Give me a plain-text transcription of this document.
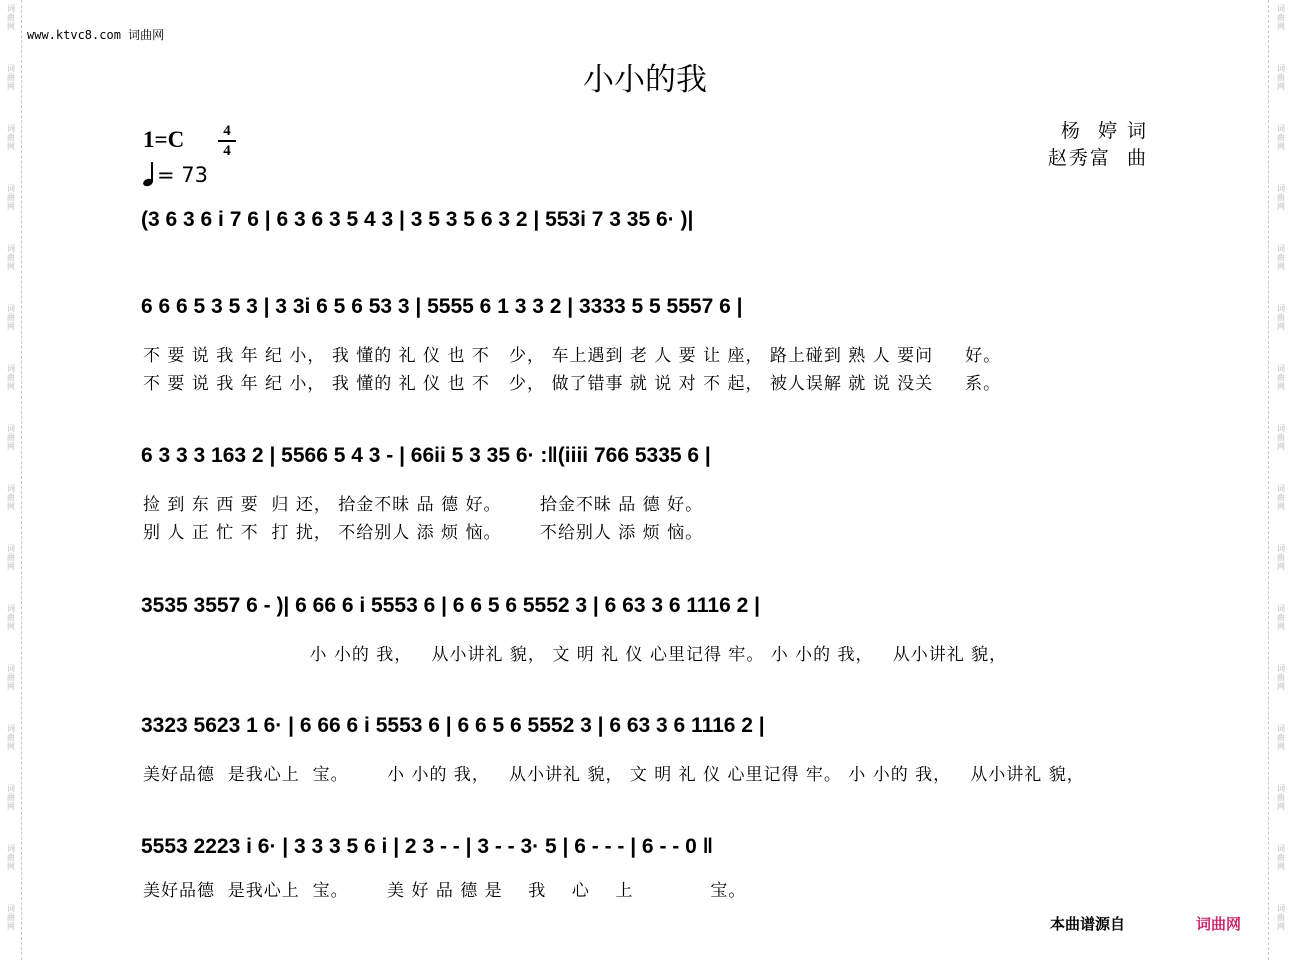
词
曲
网
词
曲
网
词
曲
网
词
曲
网
词
曲
网
词
曲
网
词
曲
网
词
曲
网
词
曲
网
词
曲
网
词
曲
网
词
曲
网
词
曲
网
词
曲
网
词
曲
网
词
曲
网
词
曲
网
词
曲
网
词
曲
网
词
曲
网
词
曲
网
词
曲
网
词
曲
网
词
曲
网
词
曲
网
词
曲
网
词
曲
网
词
曲
网
词
曲
网
词
曲
网
词
曲
网
词
曲
网
www.ktvc8.com 词曲网
小小的我
1=C	4
4
= 73
杨  婷 词
赵秀富  曲
(3 6 3 6 i 7 6 | 6 3 6 3 5 4 3 | 3 5 3 5 6 3 2 | 553i 7 3 35 6· )|
6 6 6 5 3 5 3 | 3 3i 6 5 6 53 3 | 5555 6 1 3 3 2 | 3333 5 5 5557 6 |
6 3 3 3 163 2 | 5566 5 4 3 - | 66ii 5 3 35 6· :‖(iiii 766 5335 6 |
3535 3557 6 - )| 6 66 6 i 5553 6 | 6 6 5 6 5552 3 | 6 63 3 6 1116 2 |
3323 5623 1 6· | 6 66 6 i 5553 6 | 6 6 5 6 5552 3 | 6 63 3 6 1116 2 |
5553 2223 i 6· | 3 3 3 5 6 i | 2 3 - - | 3 - - 3· 5 | 6 - - - | 6 - - 0 ‖
不 要 说 我 年 纪 小， 我 懂的 礼 仪 也 不   少， 车上遇到 老 人 要 让 座， 路上碰到 熟 人 要问     好。
不 要 说 我 年 纪 小， 我 懂的 礼 仪 也 不   少， 做了错事 就 说 对 不 起， 被人误解 就 说 没关     系。
捡 到 东 西 要  归 还， 拾金不昧 品 德 好。      拾金不昧 品 德 好。
别 人 正 忙 不  打 扰， 不给别人 添 烦 恼。      不给别人 添 烦 恼。
小 小的 我，   从小讲礼 貌， 文 明 礼 仪 心里记得 牢。 小 小的 我，   从小讲礼 貌，
美好品德  是我心上  宝。      小 小的 我，   从小讲礼 貌， 文 明 礼 仪 心里记得 牢。 小 小的 我，   从小讲礼 貌，
美好品德  是我心上  宝。      美 好 品 德 是    我    心    上            宝。
本曲谱源自	词曲网
